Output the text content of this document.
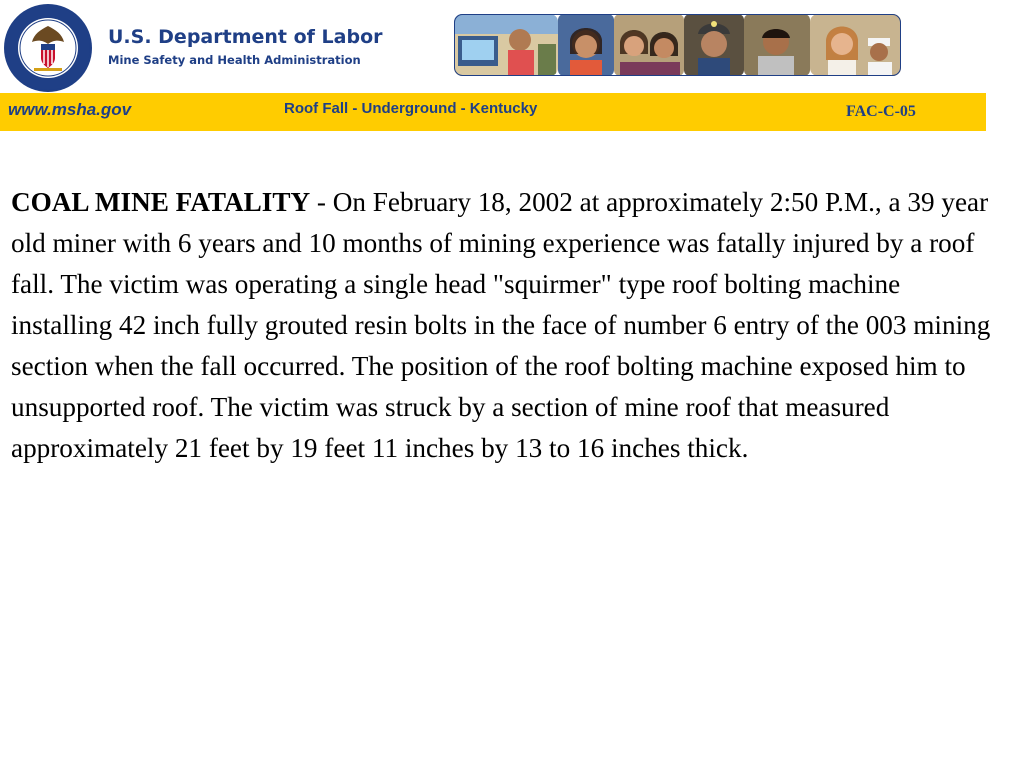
U.S. Department of Labor
Mine Safety and Health Administration
www.msha.gov	Roof Fall - Underground - Kentucky	FAC-C-05
COAL MINE FATALITY - On February 18, 2002 at approximately 2:50 P.M., a 39 year old miner with 6 years and 10 months of mining experience was fatally injured by a roof fall. The victim was operating a single head "squirmer" type roof bolting machine installing 42 inch fully grouted resin bolts in the face of number 6 entry of the 003 mining section when the fall occurred. The position of the roof bolting machine exposed him to unsupported roof. The victim was struck by a section of mine roof that measured approximately 21 feet by 19 feet 11 inches by 13 to 16 inches thick.
